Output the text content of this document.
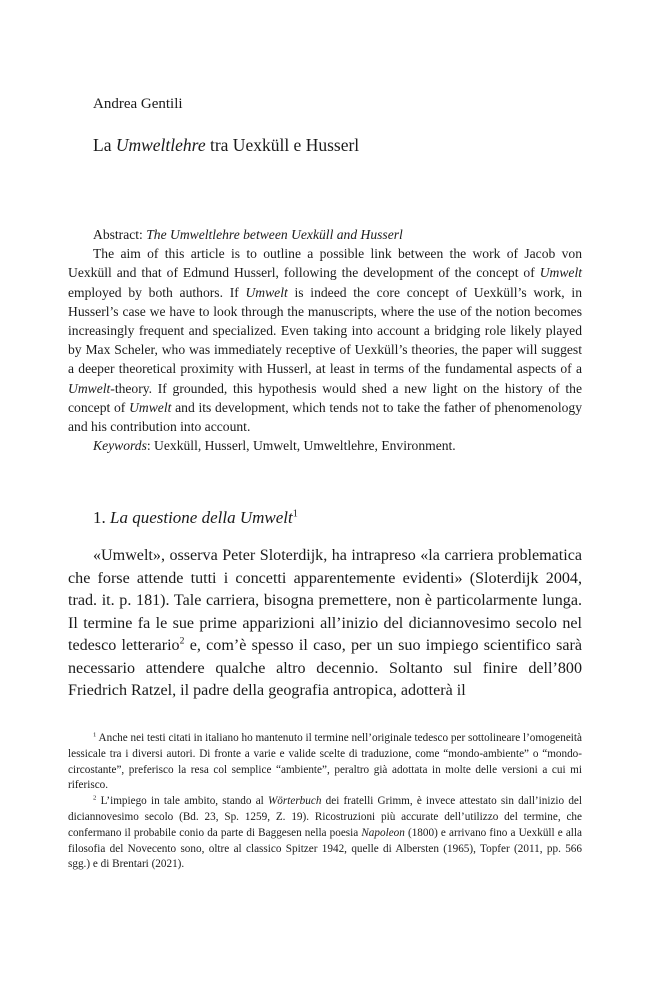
Andrea Gentili
La Umweltlehre tra Uexküll e Husserl

Abstract: The Umweltlehre between Uexküll and Husserl

The aim of this article is to outline a possible link between the work of Jacob von Uexküll and that of Edmund Husserl, following the development of the concept of Umwelt employed by both authors. If Umwelt is indeed the core concept of Uexküll’s work, in Husserl’s case we have to look through the manuscripts, where the use of the notion becomes increasingly frequent and specialized. Even taking into account a bridging role likely played by Max Scheler, who was immediately receptive of Uexküll’s theories, the paper will suggest a deeper theoretical proximity with Husserl, at least in terms of the fundamental aspects of a Umwelt-theory. If grounded, this hypothesis would shed a new light on the history of the concept of Umwelt and its development, which tends not to take the father of phenomenology and his contribution into account.

Keywords: Uexküll, Husserl, Umwelt, Umweltlehre, Environment.

1. La questione della Umwelt$^1$

«Umwelt», osserva Peter Sloterdijk, ha intrapreso «la carriera problematica che forse attende tutti i concetti apparentemente evidenti» (Sloterdijk 2004, trad. it. p. 181). Tale carriera, bisogna premettere, non è particolarmente lunga. Il termine fa le sue prime apparizioni all’inizio del diciannovesimo secolo nel tedesco letterario$^2$ e, com’è spesso il caso, per un suo impiego scientifico sarà necessario attendere qualche altro decennio. Soltanto sul finire dell’800 Friedrich Ratzel, il padre della geografia antropica, adotterà il

$^1$ Anche nei testi citati in italiano ho mantenuto il termine nell’originale tedesco per sottolineare l’omogeneità lessicale tra i diversi autori. Di fronte a varie e valide scelte di traduzione, come “mondo-ambiente” o “mondo-circostante”, preferisco la resa col semplice “ambiente”, peraltro già adottata in molte delle versioni a cui mi riferisco.

$^2$ L’impiego in tale ambito, stando al Wörterbuch dei fratelli Grimm, è invece attestato sin dall’inizio del diciannovesimo secolo (Bd. 23, Sp. 1259, Z. 19). Ricostruzioni più accurate dell’utilizzo del termine, che confermano il probabile conio da parte di Baggesen nella poesia Napoleon (1800) e arrivano fino a Uexküll e alla filosofia del Novecento sono, oltre al classico Spitzer 1942, quelle di Albersten (1965), Topfer (2011, pp. 566 sgg.) e di Brentari (2021).
